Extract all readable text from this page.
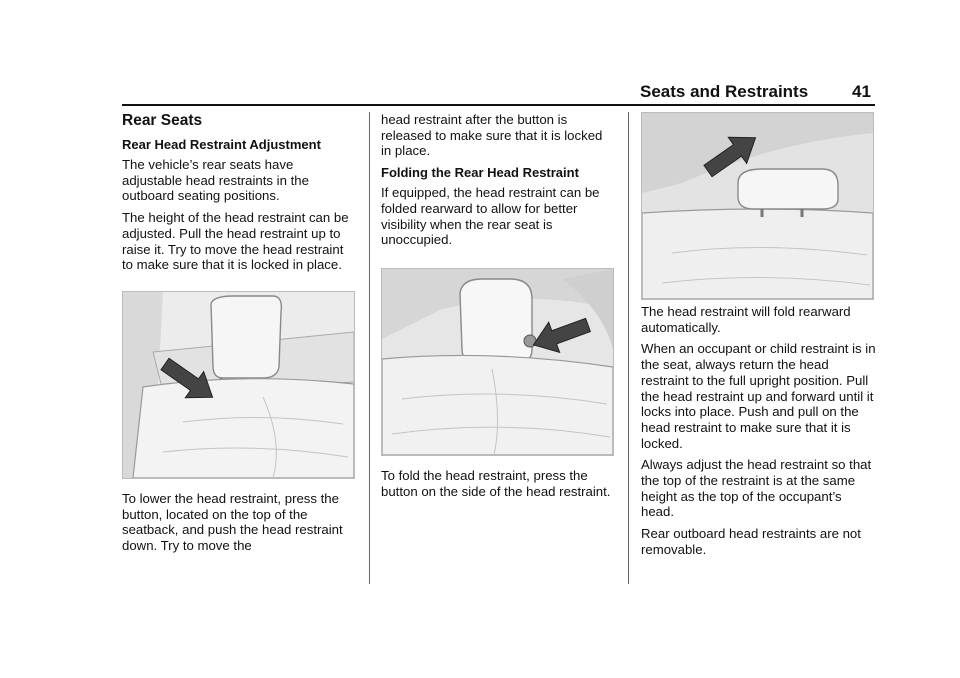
Seats and Restraints	41
Rear Seats
Rear Head Restraint Adjustment

The vehicle’s rear seats have adjustable head restraints in the outboard seating positions.

The height of the head restraint can be adjusted. Pull the head restraint up to raise it. Try to move the head restraint to make sure that it is locked in place.

To lower the head restraint, press the button, located on the top of the seatback, and push the head restraint down. Try to move the

head restraint after the button is released to make sure that it is locked in place.

Folding the Rear Head Restraint

If equipped, the head restraint can be folded rearward to allow for better visibility when the rear seat is unoccupied.

To fold the head restraint, press the button on the side of the head restraint.

The head restraint will fold rearward automatically.

When an occupant or child restraint is in the seat, always return the head restraint to the full upright position. Pull the head restraint up and forward until it locks into place. Push and pull on the head restraint to make sure that it is locked.

Always adjust the head restraint so that the top of the restraint is at the same height as the top of the occupant’s head.

Rear outboard head restraints are not removable.
